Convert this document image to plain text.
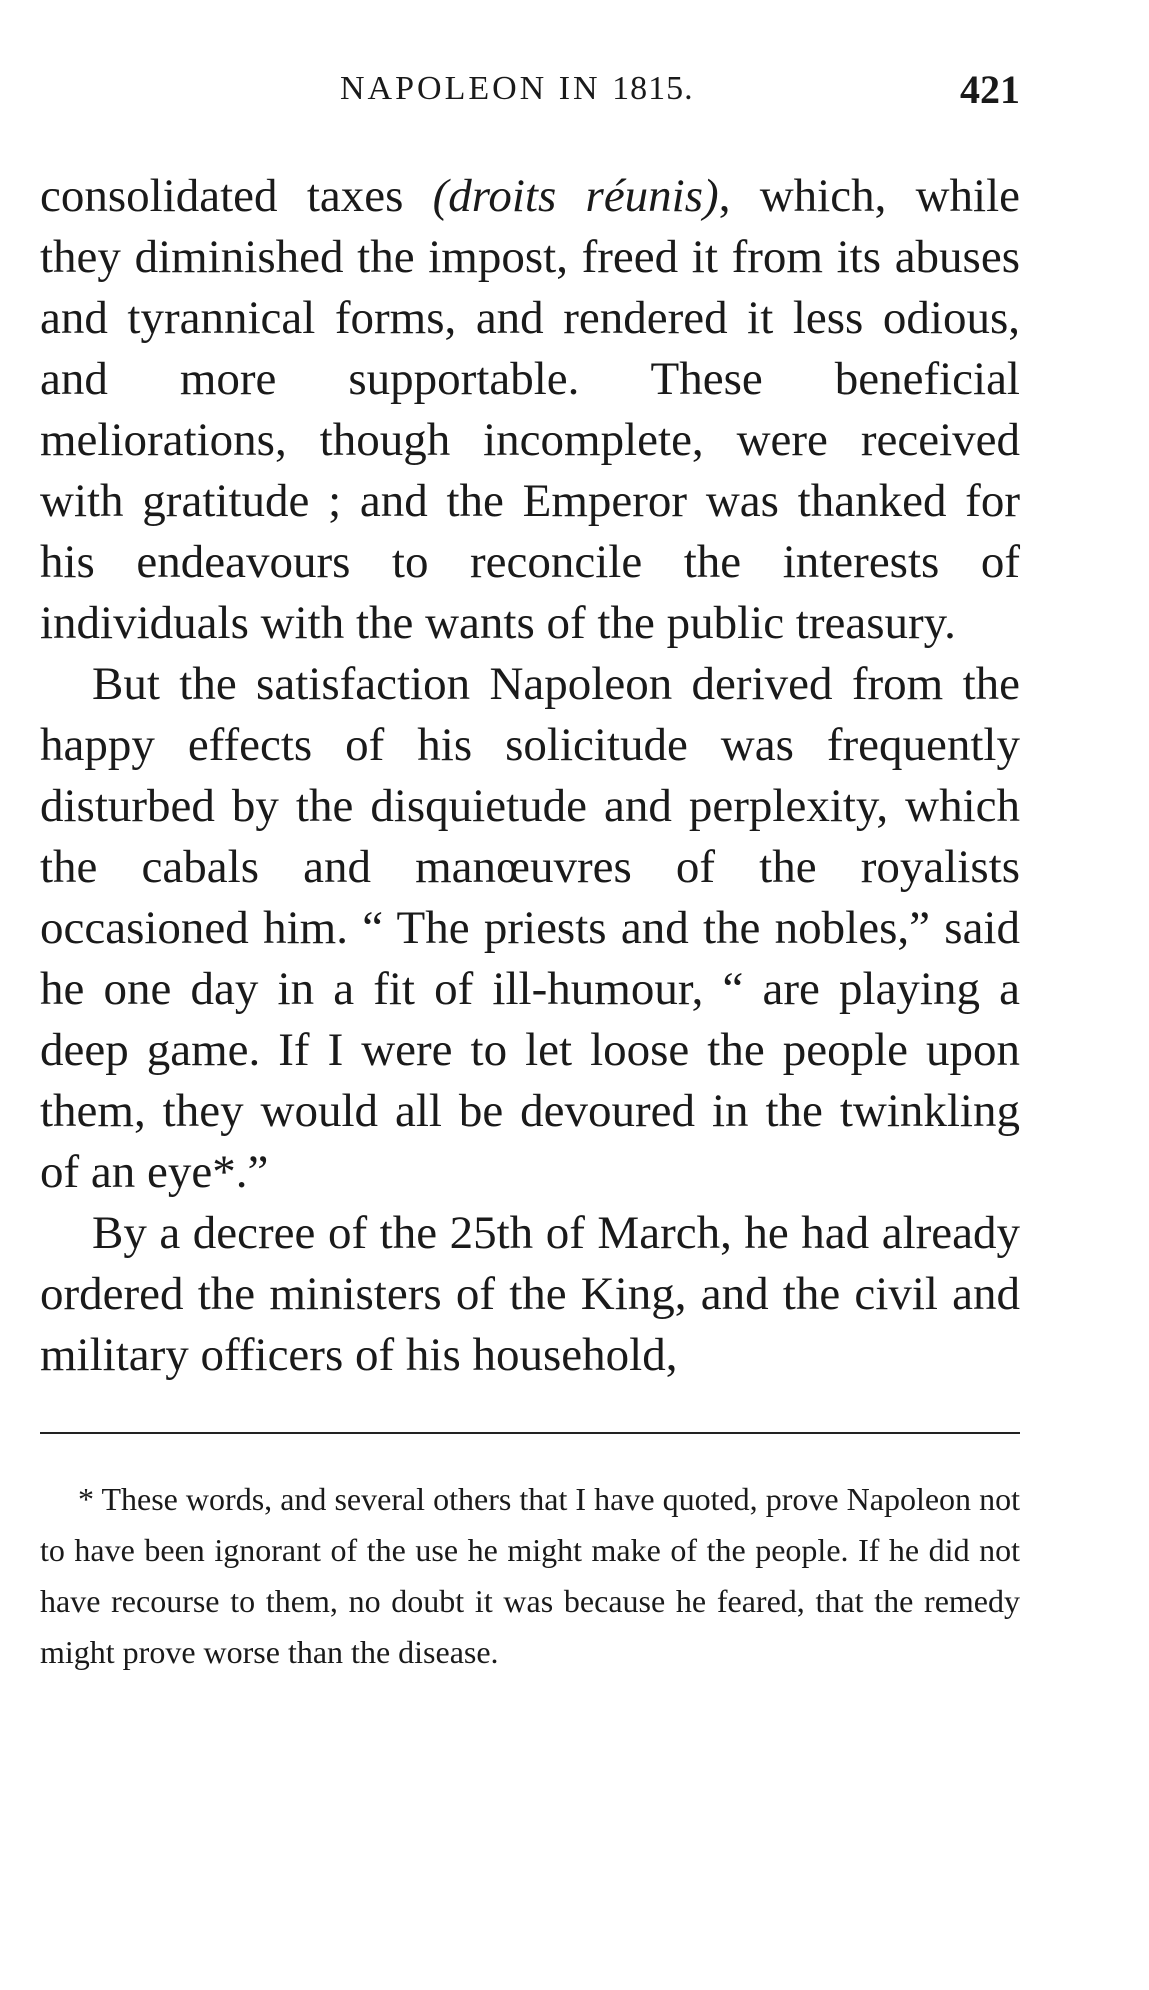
NAPOLEON IN 1815.	421

consolidated taxes (droits réunis), which, while they diminished the impost, freed it from its abuses and tyrannical forms, and rendered it less odious, and more supportable. These beneficial meliorations, though incomplete, were received with gratitude ; and the Emperor was thanked for his endeavours to reconcile the interests of individuals with the wants of the public treasury.

But the satisfaction Napoleon derived from the happy effects of his solicitude was frequently disturbed by the disquietude and perplexity, which the cabals and manœuvres of the royalists occasioned him. “ The priests and the nobles,” said he one day in a fit of ill-humour, “ are playing a deep game. If I were to let loose the people upon them, they would all be devoured in the twinkling of an eye*.”

By a decree of the 25th of March, he had already ordered the ministers of the King, and the civil and military officers of his household,

* These words, and several others that I have quoted, prove Napoleon not to have been ignorant of the use he might make of the people. If he did not have recourse to them, no doubt it was because he feared, that the remedy might prove worse than the disease.
